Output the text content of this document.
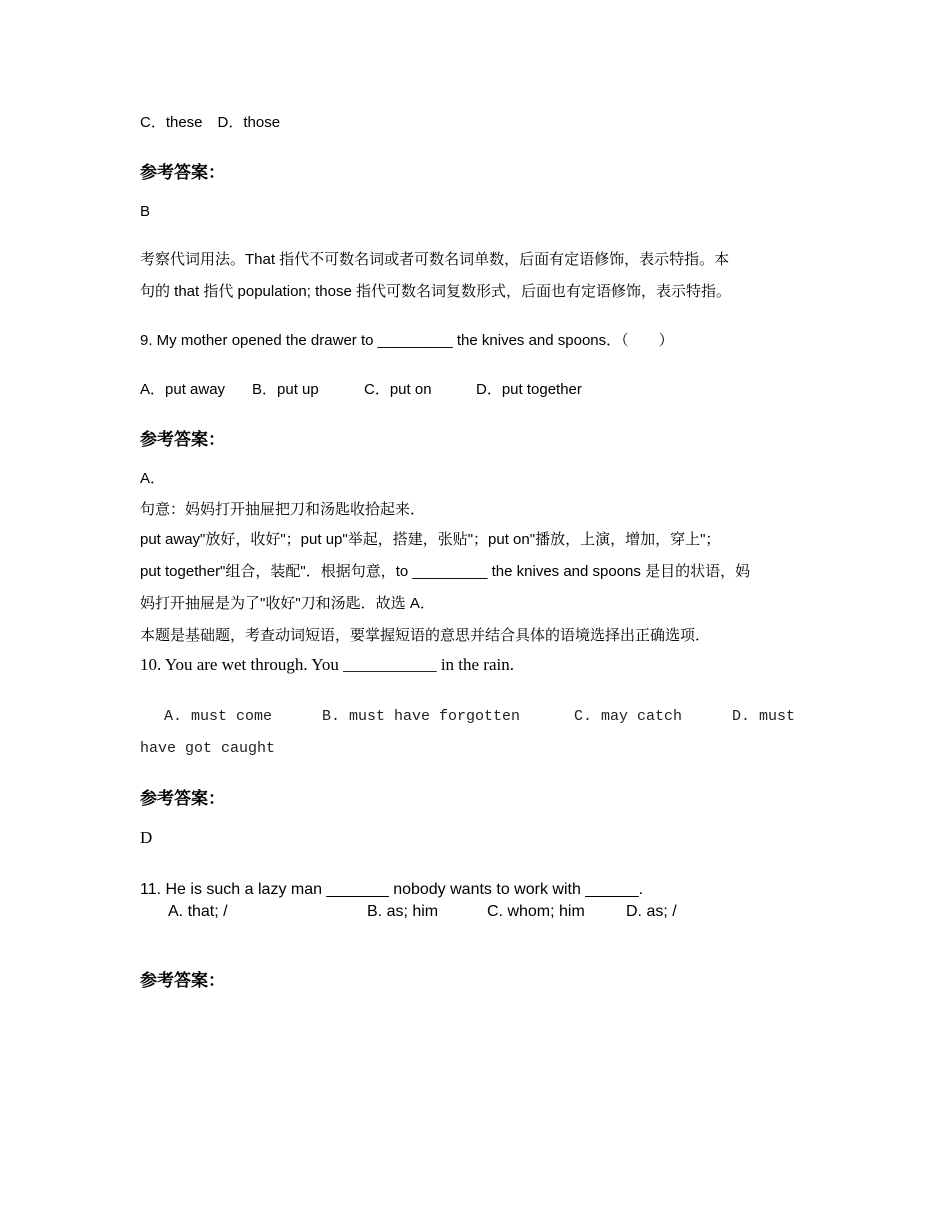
C．these　D．those
参考答案：
B
考察代词用法。That 指代不可数名词或者可数名词单数，后面有定语修饰，表示特指。本
句的 that 指代 population; those 指代可数名词复数形式，后面也有定语修饰，表示特指。
9. My mother opened the drawer to _________ the knives and spoons．（　　）
A．put away B．put up	C．put on	D．put together
参考答案：
A．
句意：妈妈打开抽屉把刀和汤匙收拾起来．
put away"放好，收好"；put up"举起，搭建，张贴"；put on"播放，上演，增加，穿上"；
put together"组合，装配"．根据句意，to _________ the knives and spoons 是目的状语，妈
妈打开抽屉是为了"收好"刀和汤匙．故选 A．
本题是基础题，考查动词短语，要掌握短语的意思并结合具体的语境选择出正确选项．
10. You are wet through. You ___________ in the rain.
A. must come	B. must have forgotten	C. may catch	D. must
have got caught
参考答案：
D
11. He is such a lazy man _______ nobody wants to work with ______.
A. that; /	B. as; him	C. whom; him	D. as; /
参考答案：
